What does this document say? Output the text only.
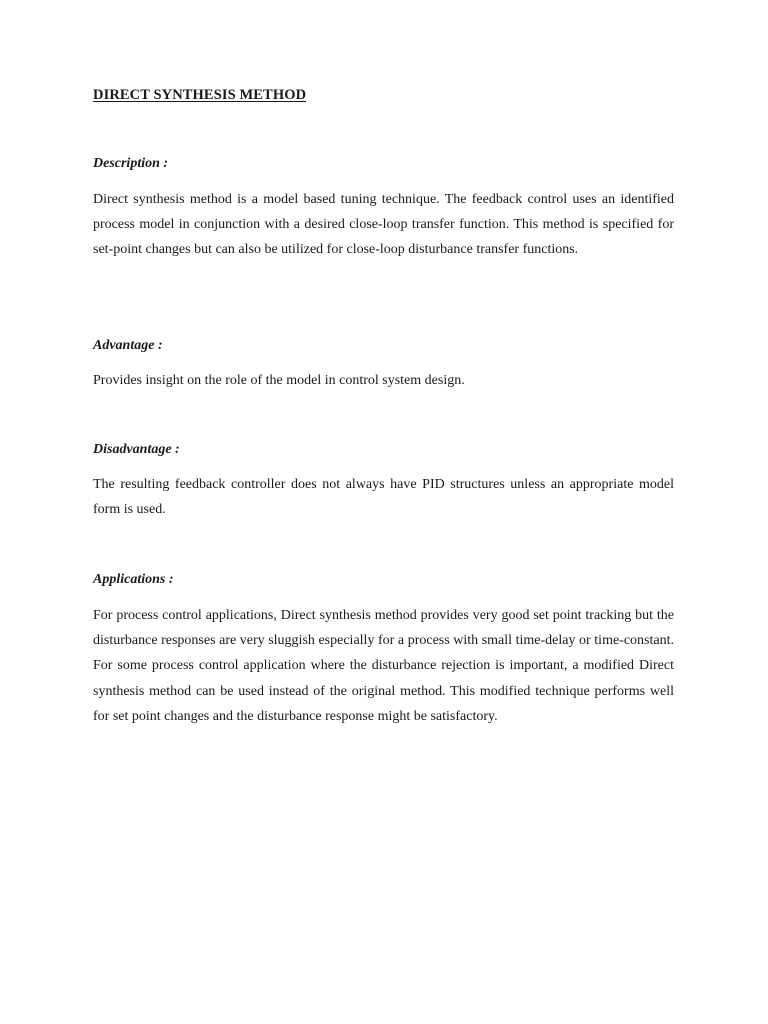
DIRECT SYNTHESIS METHOD
Description :

Direct synthesis method is a model based tuning technique. The feedback control uses an identified process model in conjunction with a desired close-loop transfer function. This method is specified for set-point changes but can also be utilized for close-loop disturbance transfer functions.

Advantage :

Provides insight on the role of the model in control system design.

Disadvantage :

The resulting feedback controller does not always have PID structures unless an appropriate model form is used.

Applications :

For process control applications, Direct synthesis method provides very good set point tracking but the disturbance responses are very sluggish especially for a process with small time-delay or time-constant. For some process control application where the disturbance rejection is important, a modified Direct synthesis method can be used instead of the original method. This modified technique performs well for set point changes and the disturbance response might be satisfactory.
